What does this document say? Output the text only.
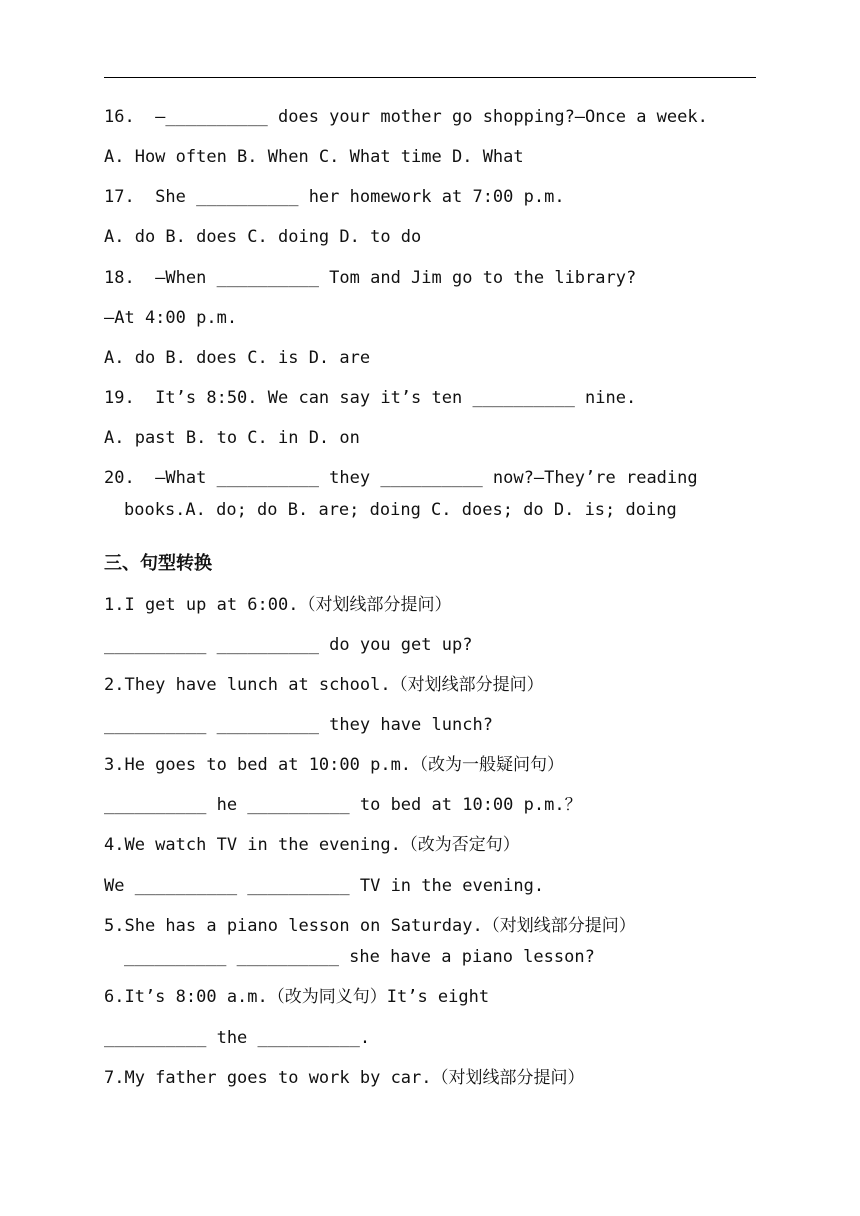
16.  —__________ does your mother go shopping?—Once a week.
A. How often B. When C. What time D. What
17.  She __________ her homework at 7:00 p.m.
A. do B. does C. doing D. to do
18.  —When __________ Tom and Jim go to the library?
—At 4:00 p.m.
A. do B. does C. is D. are
19.  It’s 8:50. We can say it’s ten __________ nine.
A. past B. to C. in D. on
20.  —What __________ they __________ now?—They’re reading
books.A. do; do B. are; doing C. does; do D. is; doing
三、句型转换
1.I get up at 6:00.（对划线部分提问）
__________ __________ do you get up?
2.They have lunch at school.（对划线部分提问）
__________ __________ they have lunch?
3.He goes to bed at 10:00 p.m.（改为一般疑问句）
__________ he __________ to bed at 10:00 p.m.？
4.We watch TV in the evening.（改为否定句）
We __________ __________ TV in the evening.
5.She has a piano lesson on Saturday.（对划线部分提问）
__________ __________ she have a piano lesson?
6.It’s 8:00 a.m.（改为同义句）It’s eight
__________ the __________.
7.My father goes to work by car.（对划线部分提问）
